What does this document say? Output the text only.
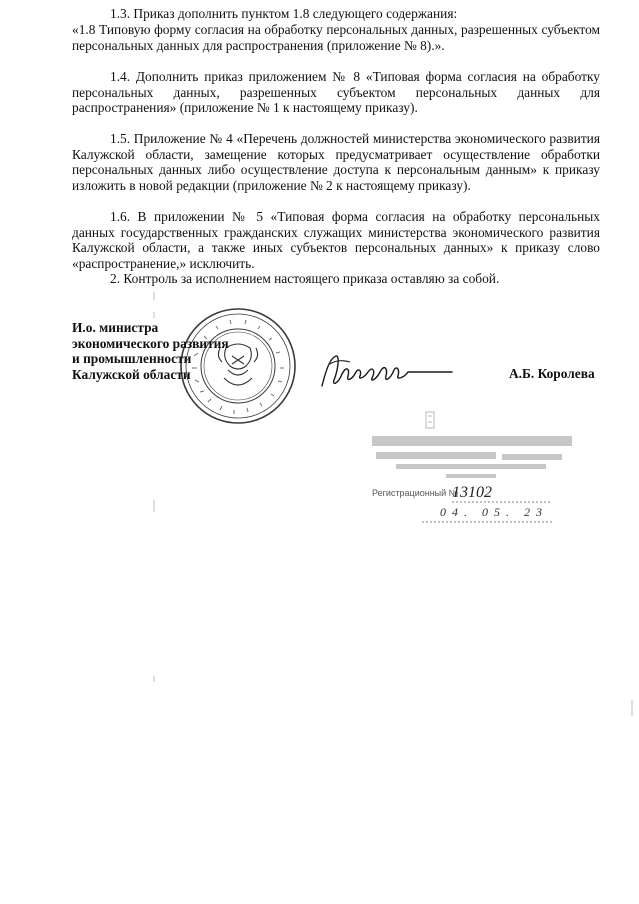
1.3. Приказ дополнить пунктом 1.8 следующего содержания:

«1.8 Типовую форму согласия на обработку персональных данных, разрешенных субъектом персональных данных для распространения (приложение № 8).».

1.4. Дополнить приказ приложением № 8 «Типовая форма согласия на обработку персональных данных, разрешенных субъектом персональных данных для распространения» (приложение № 1 к настоящему приказу).

1.5. Приложение № 4 «Перечень должностей министерства экономического развития Калужской области, замещение которых предусматривает осуществление обработки персональных данных либо осуществление доступа к персональным данным» к приказу изложить в новой редакции (приложение № 2 к настоящему приказу).

1.6. В приложении № 5 «Типовая форма согласия на обработку персональных данных государственных гражданских служащих министерства экономического развития Калужской области, а также иных субъектов персональных данных» к приказу слово «распространение,» исключить.

2. Контроль за исполнением настоящего приказа оставляю за собой.

И.о. министра
экономического развития
и промышленности
Калужской области	А.Б. Королева
Регистрационный №
13102
04. 05. 23
